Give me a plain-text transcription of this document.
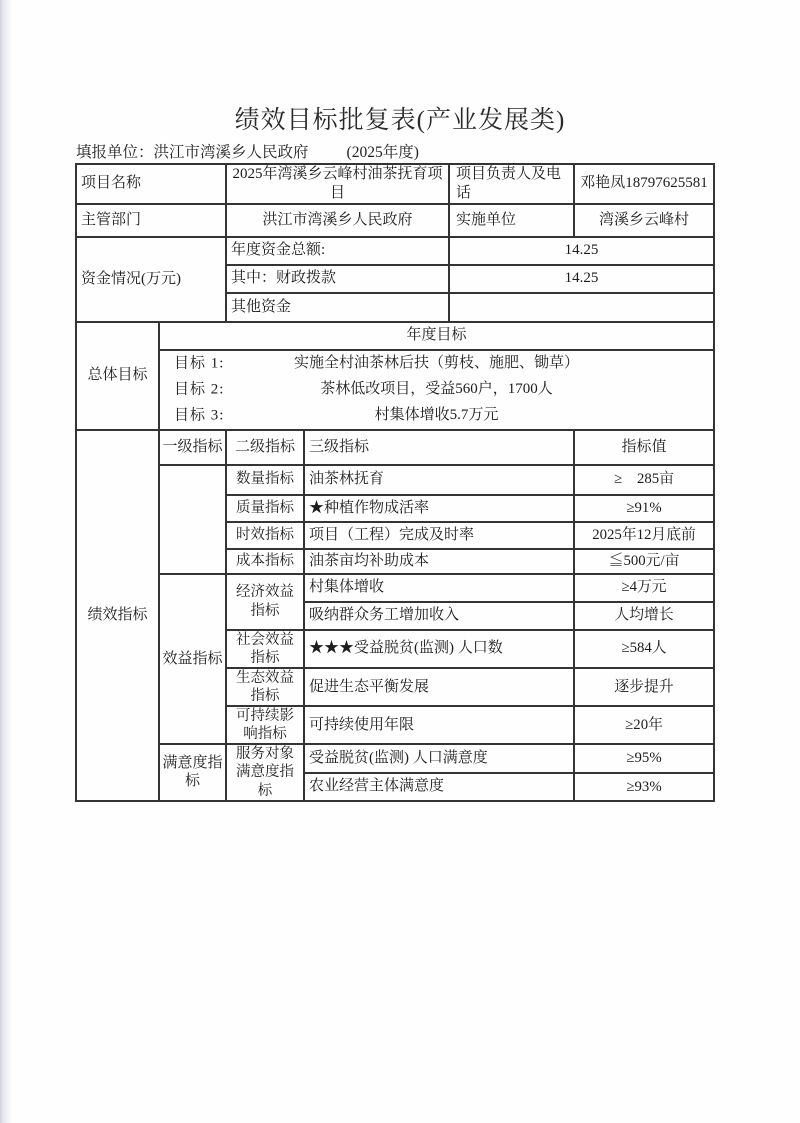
绩效目标批复表(产业发展类)
填报单位：洪江市湾溪乡人民政府 (2025年度)
项目名称		2025年湾溪乡云峰村油茶抚育项目		项目负责人及电话	邓艳凤18797625581
主管部门		洪江市湾溪乡人民政府		实施单位	湾溪乡云峰村
资金情况(万元)		年度资金总额:		14.25	
		其中：财政拨款		14.25	
		其他资金			
总体目标	年度目标				

目标 1:	实施全村油茶林后扶（剪枝、施肥、锄草）
目标 2:	茶林低改项目，受益560户，1700人
目标 3:	村集体增收5.7万元

绩效指标	一级指标	二级指标	三级指标		指标值
		数量指标	油茶林抚育		≥　285亩
		质量指标	★种植作物成活率		≥91%
		时效指标	项目（工程）完成及时率		2025年12月底前
		成本指标	油茶亩均补助成本		≦500元/亩
	效益指标	经济效益指标	村集体增收		≥4万元
			吸纳群众务工增加收入		人均增长
		社会效益指标	★★★受益脱贫(监测) 人口数		≥584人
		生态效益指标	促进生态平衡发展		逐步提升
		可持续影响指标	可持续使用年限		≥20年
	满意度指标	服务对象满意度指标	受益脱贫(监测) 人口满意度		≥95%
			农业经营主体满意度		≥93%
